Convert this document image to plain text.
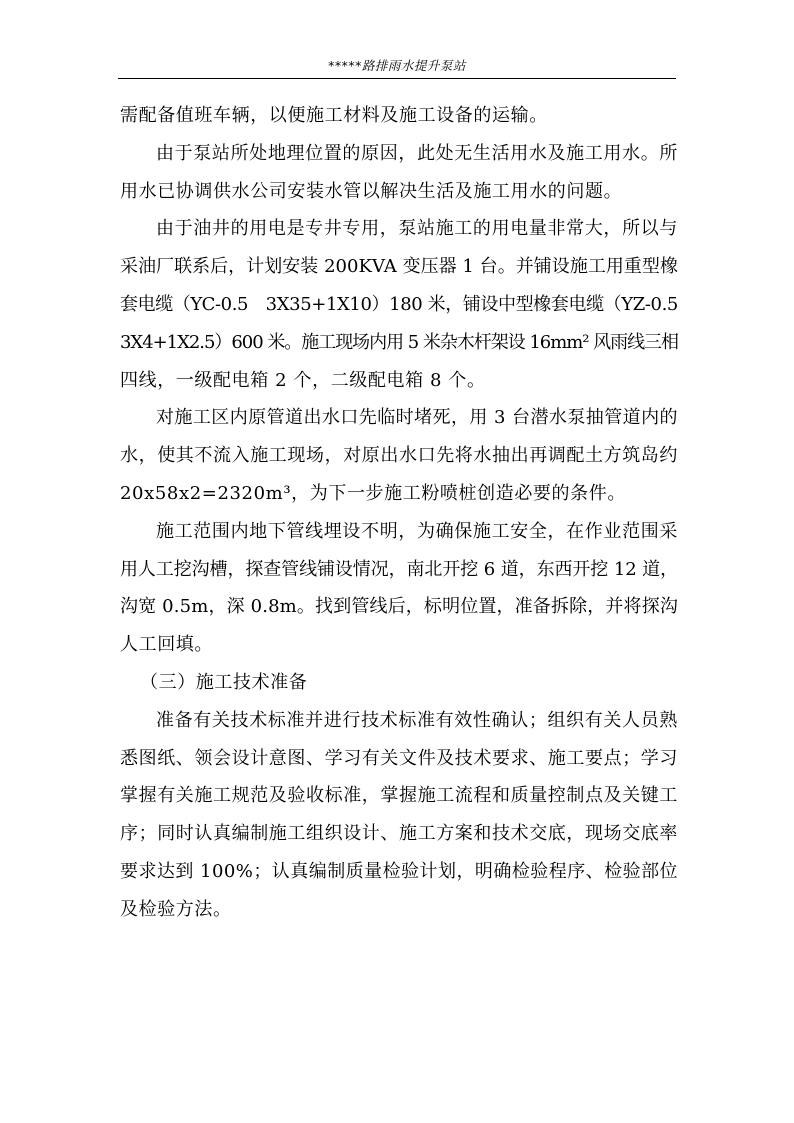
*****路排雨水提升泵站

需配备值班车辆，以便施工材料及施工设备的运输。

由于泵站所处地理位置的原因，此处无生活用水及施工用水。所
用水已协调供水公司安装水管以解决生活及施工用水的问题。

由于油井的用电是专井专用，泵站施工的用电量非常大，所以与
采油厂联系后，计划安装 200KVA 变压器 1 台。并铺设施工用重型橡
套电缆（YC-0.5　3X35+1X10）180 米，铺设中型橡套电缆（YZ-0.5
3X4+1X2.5）600 米。施工现场内用 5 米杂木杆架设 16mm² 风雨线三相
四线，一级配电箱 2 个，二级配电箱 8 个。

对施工区内原管道出水口先临时堵死，用 3 台潜水泵抽管道内的
水，使其不流入施工现场，对原出水口先将水抽出再调配土方筑岛约
20x58x2=2320m³，为下一步施工粉喷桩创造必要的条件。

施工范围内地下管线埋设不明，为确保施工安全，在作业范围采
用人工挖沟槽，探查管线铺设情况，南北开挖 6 道，东西开挖 12 道，
沟宽 0.5m，深 0.8m。找到管线后，标明位置，准备拆除，并将探沟
人工回填。

（三）施工技术准备

准备有关技术标准并进行技术标准有效性确认；组织有关人员熟
悉图纸、领会设计意图、学习有关文件及技术要求、施工要点；学习
掌握有关施工规范及验收标准，掌握施工流程和质量控制点及关键工
序；同时认真编制施工组织设计、施工方案和技术交底，现场交底率
要求达到 100%；认真编制质量检验计划，明确检验程序、检验部位
及检验方法。
